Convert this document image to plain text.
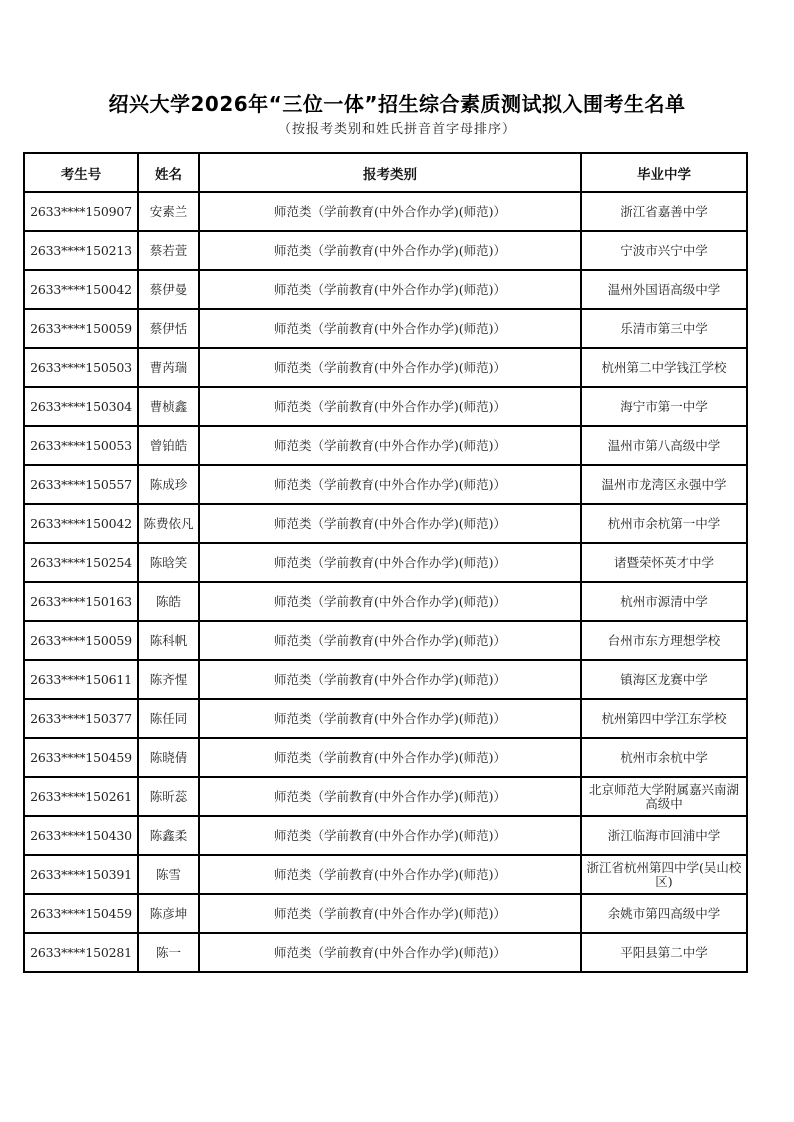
绍兴大学2026年“三位一体”招生综合素质测试拟入围考生名单
（按报考类别和姓氏拼音首字母排序）
考生号	姓名	报考类别	毕业中学
2633****150907	安素兰	师范类（学前教育(中外合作办学)(师范)）	浙江省嘉善中学
2633****150213	蔡若萱	师范类（学前教育(中外合作办学)(师范)）	宁波市兴宁中学
2633****150042	蔡伊曼	师范类（学前教育(中外合作办学)(师范)）	温州外国语高级中学
2633****150059	蔡伊恬	师范类（学前教育(中外合作办学)(师范)）	乐清市第三中学
2633****150503	曹芮瑞	师范类（学前教育(中外合作办学)(师范)）	杭州第二中学钱江学校
2633****150304	曹桢鑫	师范类（学前教育(中外合作办学)(师范)）	海宁市第一中学
2633****150053	曾铂皓	师范类（学前教育(中外合作办学)(师范)）	温州市第八高级中学
2633****150557	陈成珍	师范类（学前教育(中外合作办学)(师范)）	温州市龙湾区永强中学
2633****150042	陈费依凡	师范类（学前教育(中外合作办学)(师范)）	杭州市余杭第一中学
2633****150254	陈晗笑	师范类（学前教育(中外合作办学)(师范)）	诸暨荣怀英才中学
2633****150163	陈皓	师范类（学前教育(中外合作办学)(师范)）	杭州市源清中学
2633****150059	陈科帆	师范类（学前教育(中外合作办学)(师范)）	台州市东方理想学校
2633****150611	陈齐惺	师范类（学前教育(中外合作办学)(师范)）	镇海区龙赛中学
2633****150377	陈任同	师范类（学前教育(中外合作办学)(师范)）	杭州第四中学江东学校
2633****150459	陈晓倩	师范类（学前教育(中外合作办学)(师范)）	杭州市余杭中学
2633****150261	陈昕蕊	师范类（学前教育(中外合作办学)(师范)）	北京师范大学附属嘉兴南湖高级中
2633****150430	陈鑫柔	师范类（学前教育(中外合作办学)(师范)）	浙江临海市回浦中学
2633****150391	陈雪	师范类（学前教育(中外合作办学)(师范)）	浙江省杭州第四中学(吴山校区)
2633****150459	陈彦坤	师范类（学前教育(中外合作办学)(师范)）	余姚市第四高级中学
2633****150281	陈一	师范类（学前教育(中外合作办学)(师范)）	平阳县第二中学
